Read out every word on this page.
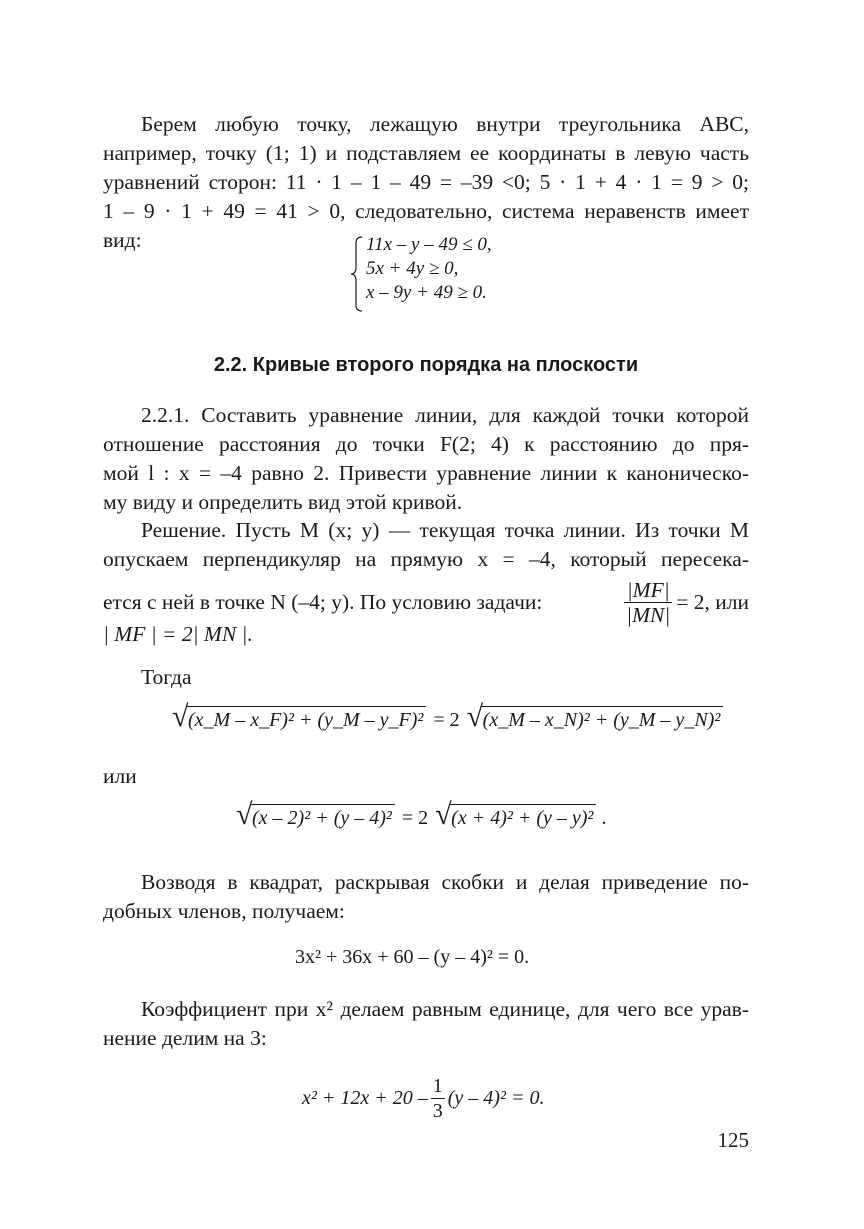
Берем любую точку, лежащую внутри треугольника ABC,
например, точку (1; 1) и подставляем ее координаты в левую часть
уравнений сторон: 11 · 1 – 1 – 49 = –39 <0; 5 · 1 + 4 · 1 = 9 > 0;
1 – 9 · 1 + 49 = 41 > 0, следовательно, система неравенств имеет
вид:	11x – y – 49 ≤ 0,
5x + 4y ≥ 0,
x – 9y + 49 ≥ 0.
2.2. Кривые второго порядка на плоскости
2.2.1. Составить уравнение линии, для каждой точки которой
отношение расстояния до точки F(2; 4) к расстоянию до пря-
мой l : x = –4 равно 2. Привести уравнение линии к каноническо-
му виду и определить вид этой кривой.
Решение. Пусть M (x; y) — текущая точка линии. Из точки M
опускаем перпендикуляр на прямую x = –4, который пересека-
ется с ней в точке N (–4; y). По условию задачи:	$\frac{|MF|}{|MN|} = 2$, или
| MF | = 2| MN |.
Тогда
√ (x_M – x_F)² + (y_M – y_F)² = 2 √ (x_M – x_N)² + (y_M – y_N)²
или
√ (x – 2)² + (y – 4)² = 2 √ (x + 4)² + (y – y)² .
Возводя в квадрат, раскрывая скобки и делая приведение по-
добных членов, получаем:
3x² + 36x + 60 – (y – 4)² = 0.
Коэффициент при x² делаем равным единице, для чего все урав-
нение делим на 3:
$x^2 + 12x + 20 - \frac{1}{3} (y - 4)^2 = 0$.
125
